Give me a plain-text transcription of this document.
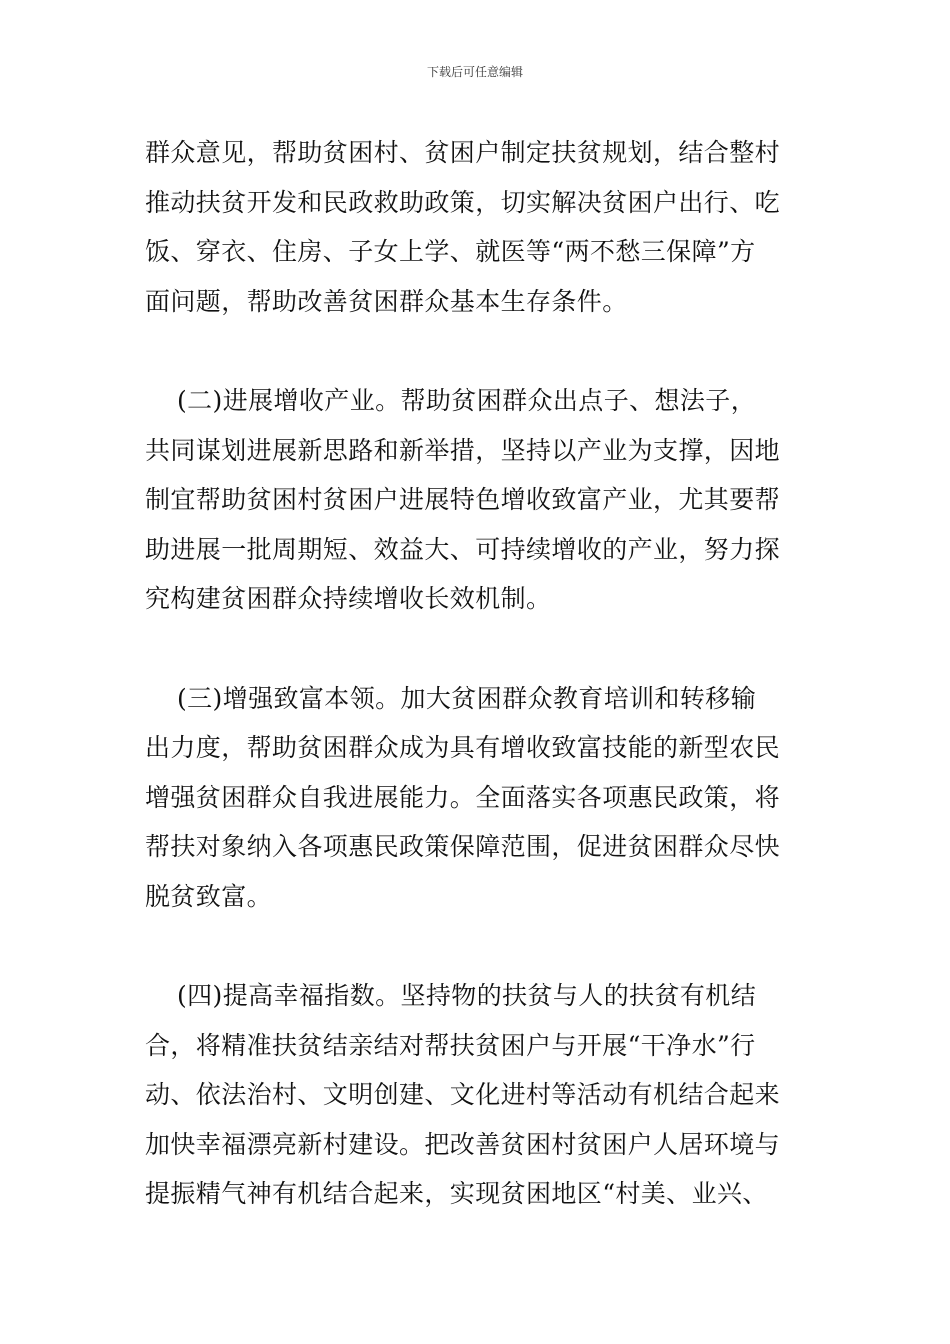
下载后可任意编辑
群众意见，帮助贫困村、贫困户制定扶贫规划，结合整村
推动扶贫开发和民政救助政策，切实解决贫困户出行、吃
饭、穿衣、住房、子女上学、就医等“两不愁三保障”方
面问题，帮助改善贫困群众基本生存条件。
(二)进展增收产业。帮助贫困群众出点子、想法子，
共同谋划进展新思路和新举措，坚持以产业为支撑，因地
制宜帮助贫困村贫困户进展特色增收致富产业，尤其要帮
助进展一批周期短、效益大、可持续增收的产业，努力探
究构建贫困群众持续增收长效机制。
(三)增强致富本领。加大贫困群众教育培训和转移输
出力度，帮助贫困群众成为具有增收致富技能的新型农民
增强贫困群众自我进展能力。全面落实各项惠民政策，将
帮扶对象纳入各项惠民政策保障范围，促进贫困群众尽快
脱贫致富。
(四)提高幸福指数。坚持物的扶贫与人的扶贫有机结
合，将精准扶贫结亲结对帮扶贫困户与开展“干净水”行
动、依法治村、文明创建、文化进村等活动有机结合起来
加快幸福漂亮新村建设。把改善贫困村贫困户人居环境与
提振精气神有机结合起来，实现贫困地区“村美、业兴、
